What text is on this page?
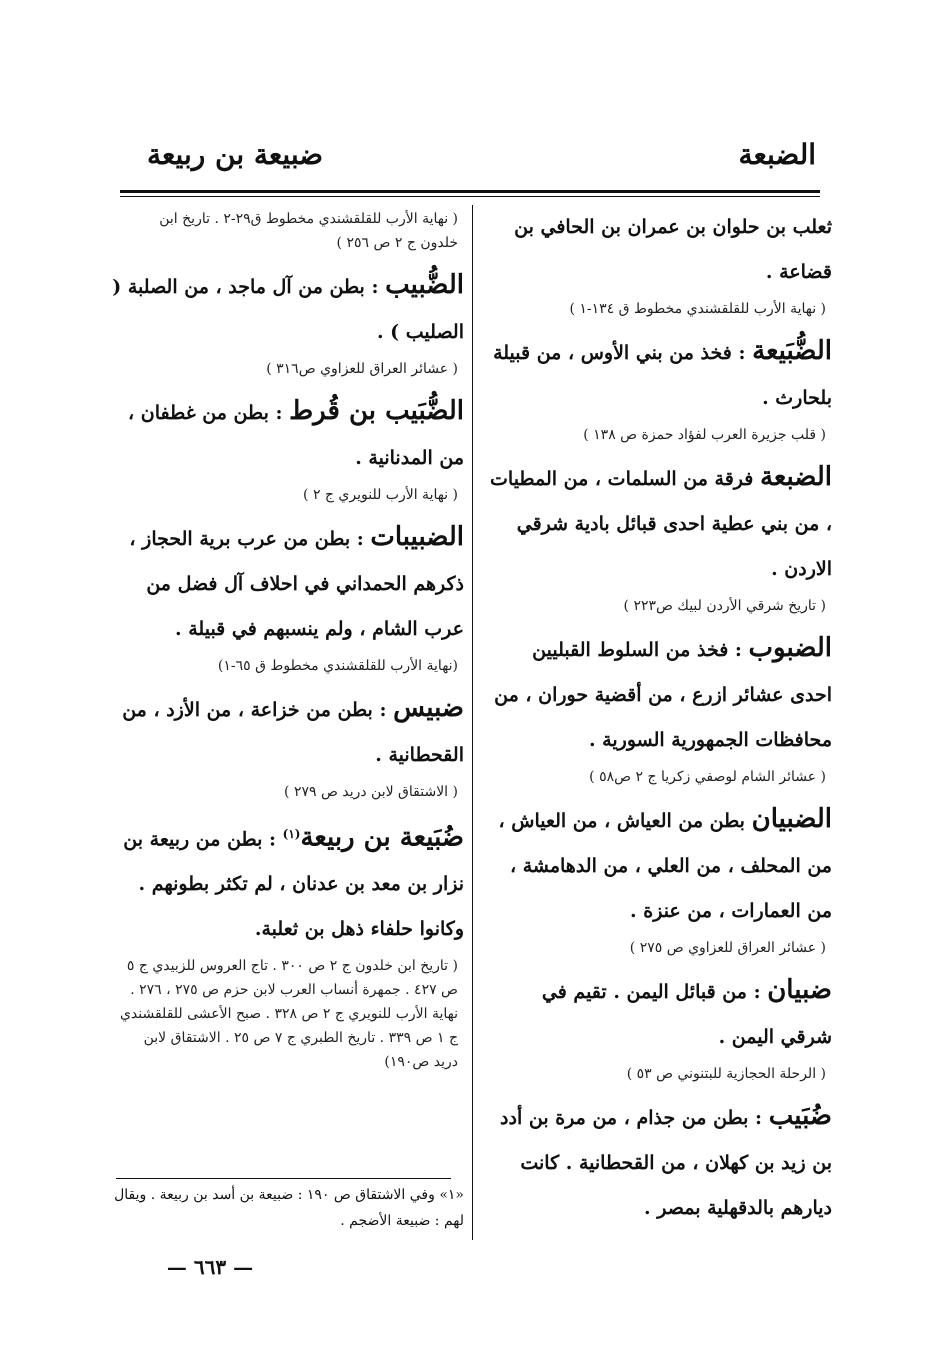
الضبعة
ضبيعة بن ربيعة
ثعلب بن حلوان بن عمران بن الحافي بن قضاعة .
( نهاية الأرب للقلقشندي مخطوط ق ١٣٤-١ )
الضُّبَيعة : فخذ من بني الأوس ، من قبيلة بلحارث .
( قلب جزيرة العرب لفؤاد حمزة ص ١٣٨ )
الضبعة فرقة من السلمات ، من المطيات ، من بني عطية احدى قبائل بادية شرقي الاردن .
( تاريخ شرقي الأردن لبيك ص٢٢٣ )
الضبوب : فخذ من السلوط القبليين احدى عشائر ازرع ، من أقضية حوران ، من محافظات الجمهورية السورية .
( عشائر الشام لوصفي زكريا ج ٢ ص٥٨ )
الضبيان بطن من العياش ، من العياش ، من المحلف ، من العلي ، من الدهامشة ، من العمارات ، من عنزة .
( عشائر العراق للعزاوي ص ٢٧٥ )
ضبيان : من قبائل اليمن . تقيم في شرقي اليمن .
( الرحلة الحجازية للبتنوني ص ٥٣ )
ضُبَيب : بطن من جذام ، من مرة بن أدد بن زيد بن كهلان ، من القحطانية . كانت ديارهم بالدقهلية بمصر .
( نهاية الأرب للقلقشندي مخطوط ق٢٩-٢ . تاريخ ابن خلدون ج ٢ ص ٢٥٦ )
الضُّبيب : بطن من آل ماجد ، من الصلبة ( الصليب ) .
( عشائر العراق للعزاوي ص٣١٦ )
الضُّبَيب بن قُرط : بطن من غطفان ، من المدنانية .
( نهاية الأرب للنويري ج ٢ )
الضبيبات : بطن من عرب برية الحجاز ، ذكرهم الحمداني في احلاف آل فضل من عرب الشام ، ولم ينسبهم في قبيلة .
(نهاية الأرب للقلقشندي مخطوط ق ٦٥-١)
ضبيس : بطن من خزاعة ، من الأزد ، من القحطانية .
( الاشتقاق لابن دريد ص ٢٧٩ )
ضُبَيعة بن ربيعة$^{(١)}$ : بطن من ربيعة بن نزار بن معد بن عدنان ، لم تكثر بطونهم . وكانوا حلفاء ذهل بن ثعلبة.
( تاريخ ابن خلدون ج ٢ ص ٣٠٠ . تاج العروس للزبيدي ج ٥ ص ٤٢٧ . جمهرة أنساب العرب لابن حزم ص ٢٧٥ ، ٢٧٦ . نهاية الأرب للنويري ج ٢ ص ٣٢٨ . صبح الأعشى للقلقشندي ج ١ ص ٣٣٩ . تاريخ الطبري ج ٧ ص ٢٥ . الاشتقاق لابن دريد ص١٩٠)
«١» وفي الاشتقاق ص ١٩٠ : ضبيعة بن أسد بن ربيعة . ويقال لهم : ضبيعة الأضجم .
— ٦٦٣ —
